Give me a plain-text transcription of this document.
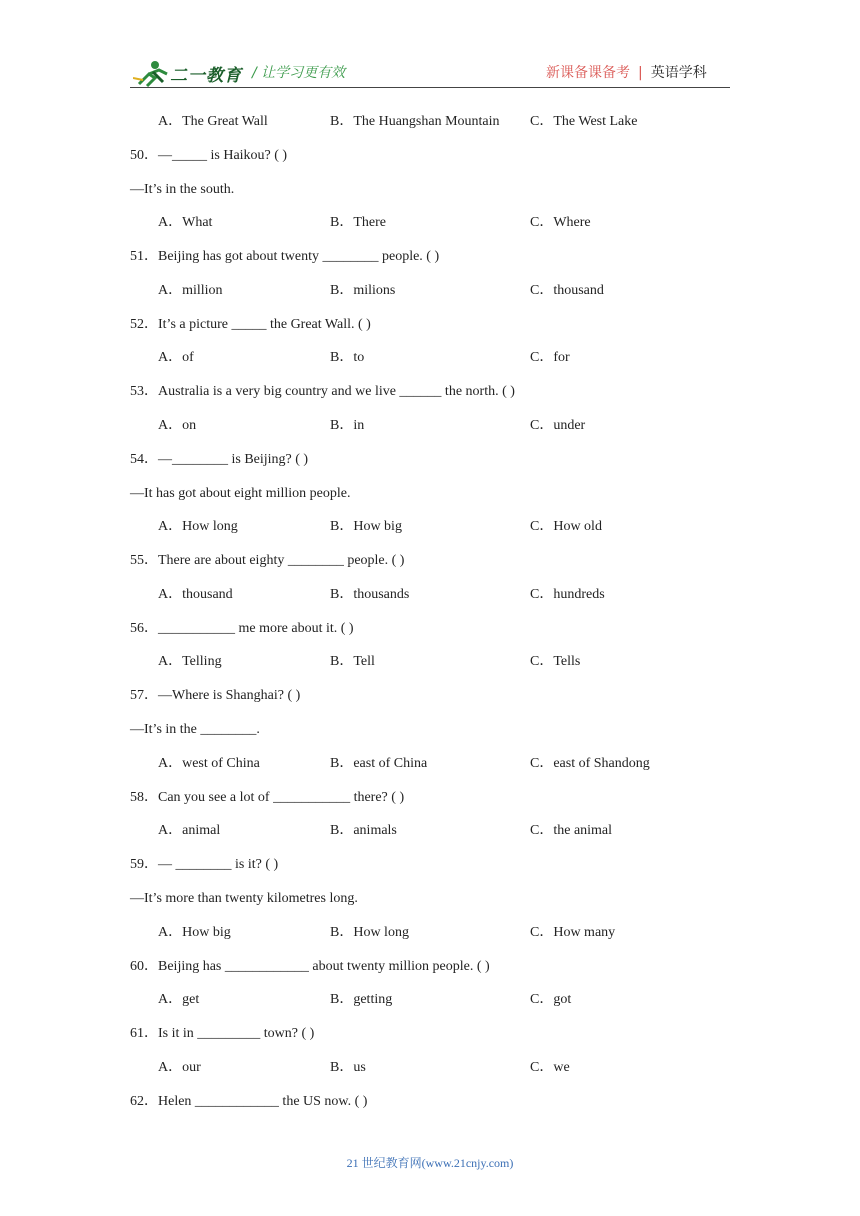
二一教育 / 让学习更有效	新课备课备考 | 英语学科
A．The Great Wall	B．The Huangshan Mountain C．The West Lake
50．—_____ is Haikou? ( )
—It’s in the south.
A．What	B．There	C．Where
51．Beijing has got about twenty ________ people. ( )
A．million	B．milions	C．thousand
52．It’s a picture _____ the Great Wall. ( )
A．of	B．to	C．for
53．Australia is a very big country and we live ______ the north. ( )
A．on	B．in	C．under
54．—________ is Beijing? ( )
—It has got about eight million people.
A．How long	B．How big	C．How old
55．There are about eighty ________ people. ( )
A．thousand	B．thousands	C．hundreds
56．___________ me more about it. ( )
A．Telling	B．Tell	C．Tells
57．—Where is Shanghai? ( )
—It’s in the ________.
A．west of China	B．east of China	C．east of Shandong
58．Can you see a lot of ___________ there? ( )
A．animal	B．animals	C．the animal
59．— ________ is it? ( )
—It’s more than twenty kilometres long.
A．How big	B．How long	C．How many
60．Beijing has ____________ about twenty million people. ( )
A．get	B．getting	C．got
61．Is it in _________ town? ( )
A．our	B．us	C．we
62．Helen ____________ the US now. ( )
21 世纪教育网(www.21cnjy.com)
